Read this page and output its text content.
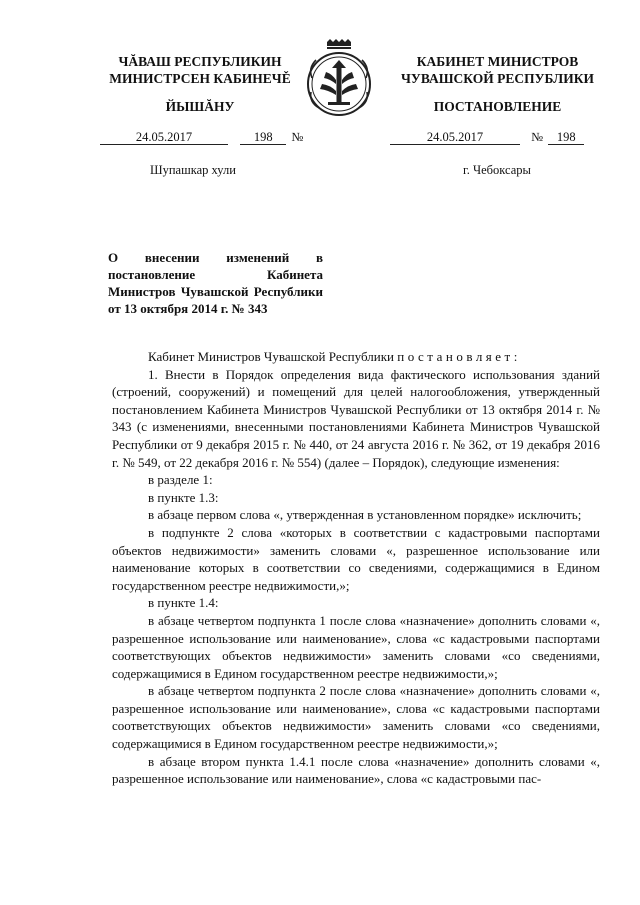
ЧĂВАШ РЕСПУБЛИКИН
МИНИСТРСЕН КАБИНЕЧĚ
ЙЫШĂНУ
КАБИНЕТ МИНИСТРОВ
ЧУВАШСКОЙ РЕСПУБЛИКИ
ПОСТАНОВЛЕНИЕ
24.05.2017	198 №	24.05.2017	№ 198
Шупашкар хули	г. Чебоксары
О внесении изменений в постановление Кабинета Министров Чувашской Республики от 13 октября 2014 г. № 343

Кабинет Министров Чувашской Республики постановляет:

1. Внести в Порядок определения вида фактического использования зданий (строений, сооружений) и помещений для целей налогообложения, утвержденный постановлением Кабинета Министров Чувашской Республики от 13 октября 2014 г. № 343 (с изменениями, внесенными постановлениями Кабинета Министров Чувашской Республики от 9 декабря 2015 г. № 440, от 24 августа 2016 г. № 362, от 19 декабря 2016 г. № 549, от 22 декабря 2016 г. № 554) (далее – Порядок), следующие изменения:

в разделе 1:

в пункте 1.3:

в абзаце первом слова «, утвержденная в установленном порядке» исключить;

в подпункте 2 слова «которых в соответствии с кадастровыми паспортами объектов недвижимости» заменить словами «, разрешенное использование или наименование которых в соответствии со сведениями, содержащимися в Едином государственном реестре недвижимости,»;

в пункте 1.4:

в абзаце четвертом подпункта 1 после слова «назначение» дополнить словами «, разрешенное использование или наименование», слова «с кадастровыми паспортами соответствующих объектов недвижимости» заменить словами «со сведениями, содержащимися в Едином государственном реестре недвижимости,»;

в абзаце четвертом подпункта 2 после слова «назначение» дополнить словами «, разрешенное использование или наименование», слова «с кадастровыми паспортами соответствующих объектов недвижимости» заменить словами «со сведениями, содержащимися в Едином государственном реестре недвижимости,»;

в абзаце втором пункта 1.4.1 после слова «назначение» дополнить словами «, разрешенное использование или наименование», слова «с кадастровыми пас-
